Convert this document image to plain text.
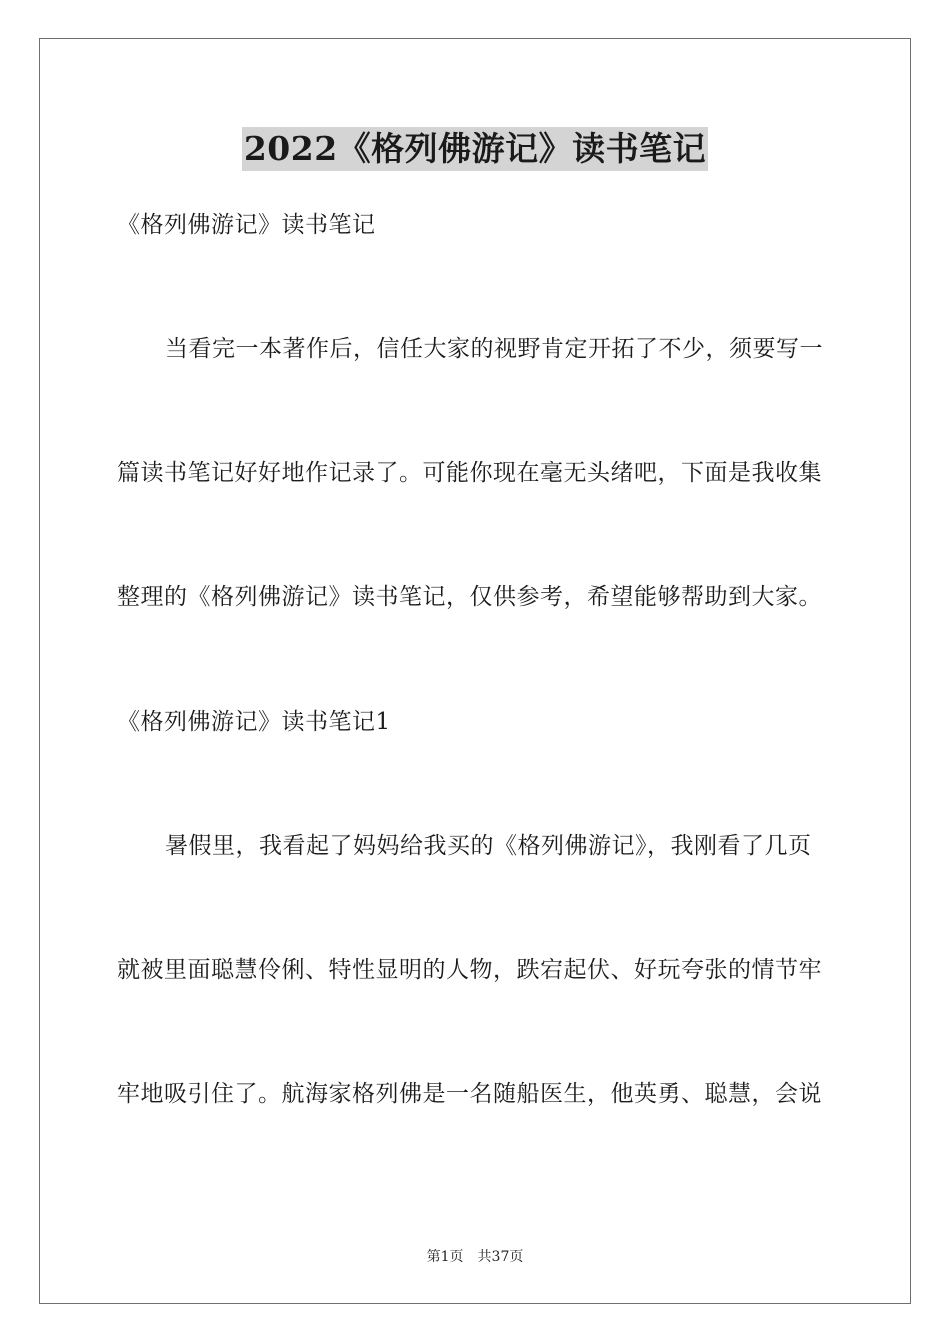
2022《格列佛游记》读书笔记
《格列佛游记》读书笔记
当看完一本著作后，信任大家的视野肯定开拓了不少，须要写一
篇读书笔记好好地作记录了。可能你现在毫无头绪吧，下面是我收集
整理的《格列佛游记》读书笔记，仅供参考，希望能够帮助到大家。
《格列佛游记》读书笔记1
暑假里，我看起了妈妈给我买的《格列佛游记》，我刚看了几页
就被里面聪慧伶俐、特性显明的人物，跌宕起伏、好玩夸张的情节牢
牢地吸引住了。航海家格列佛是一名随船医生，他英勇、聪慧，会说
第1页 共37页
